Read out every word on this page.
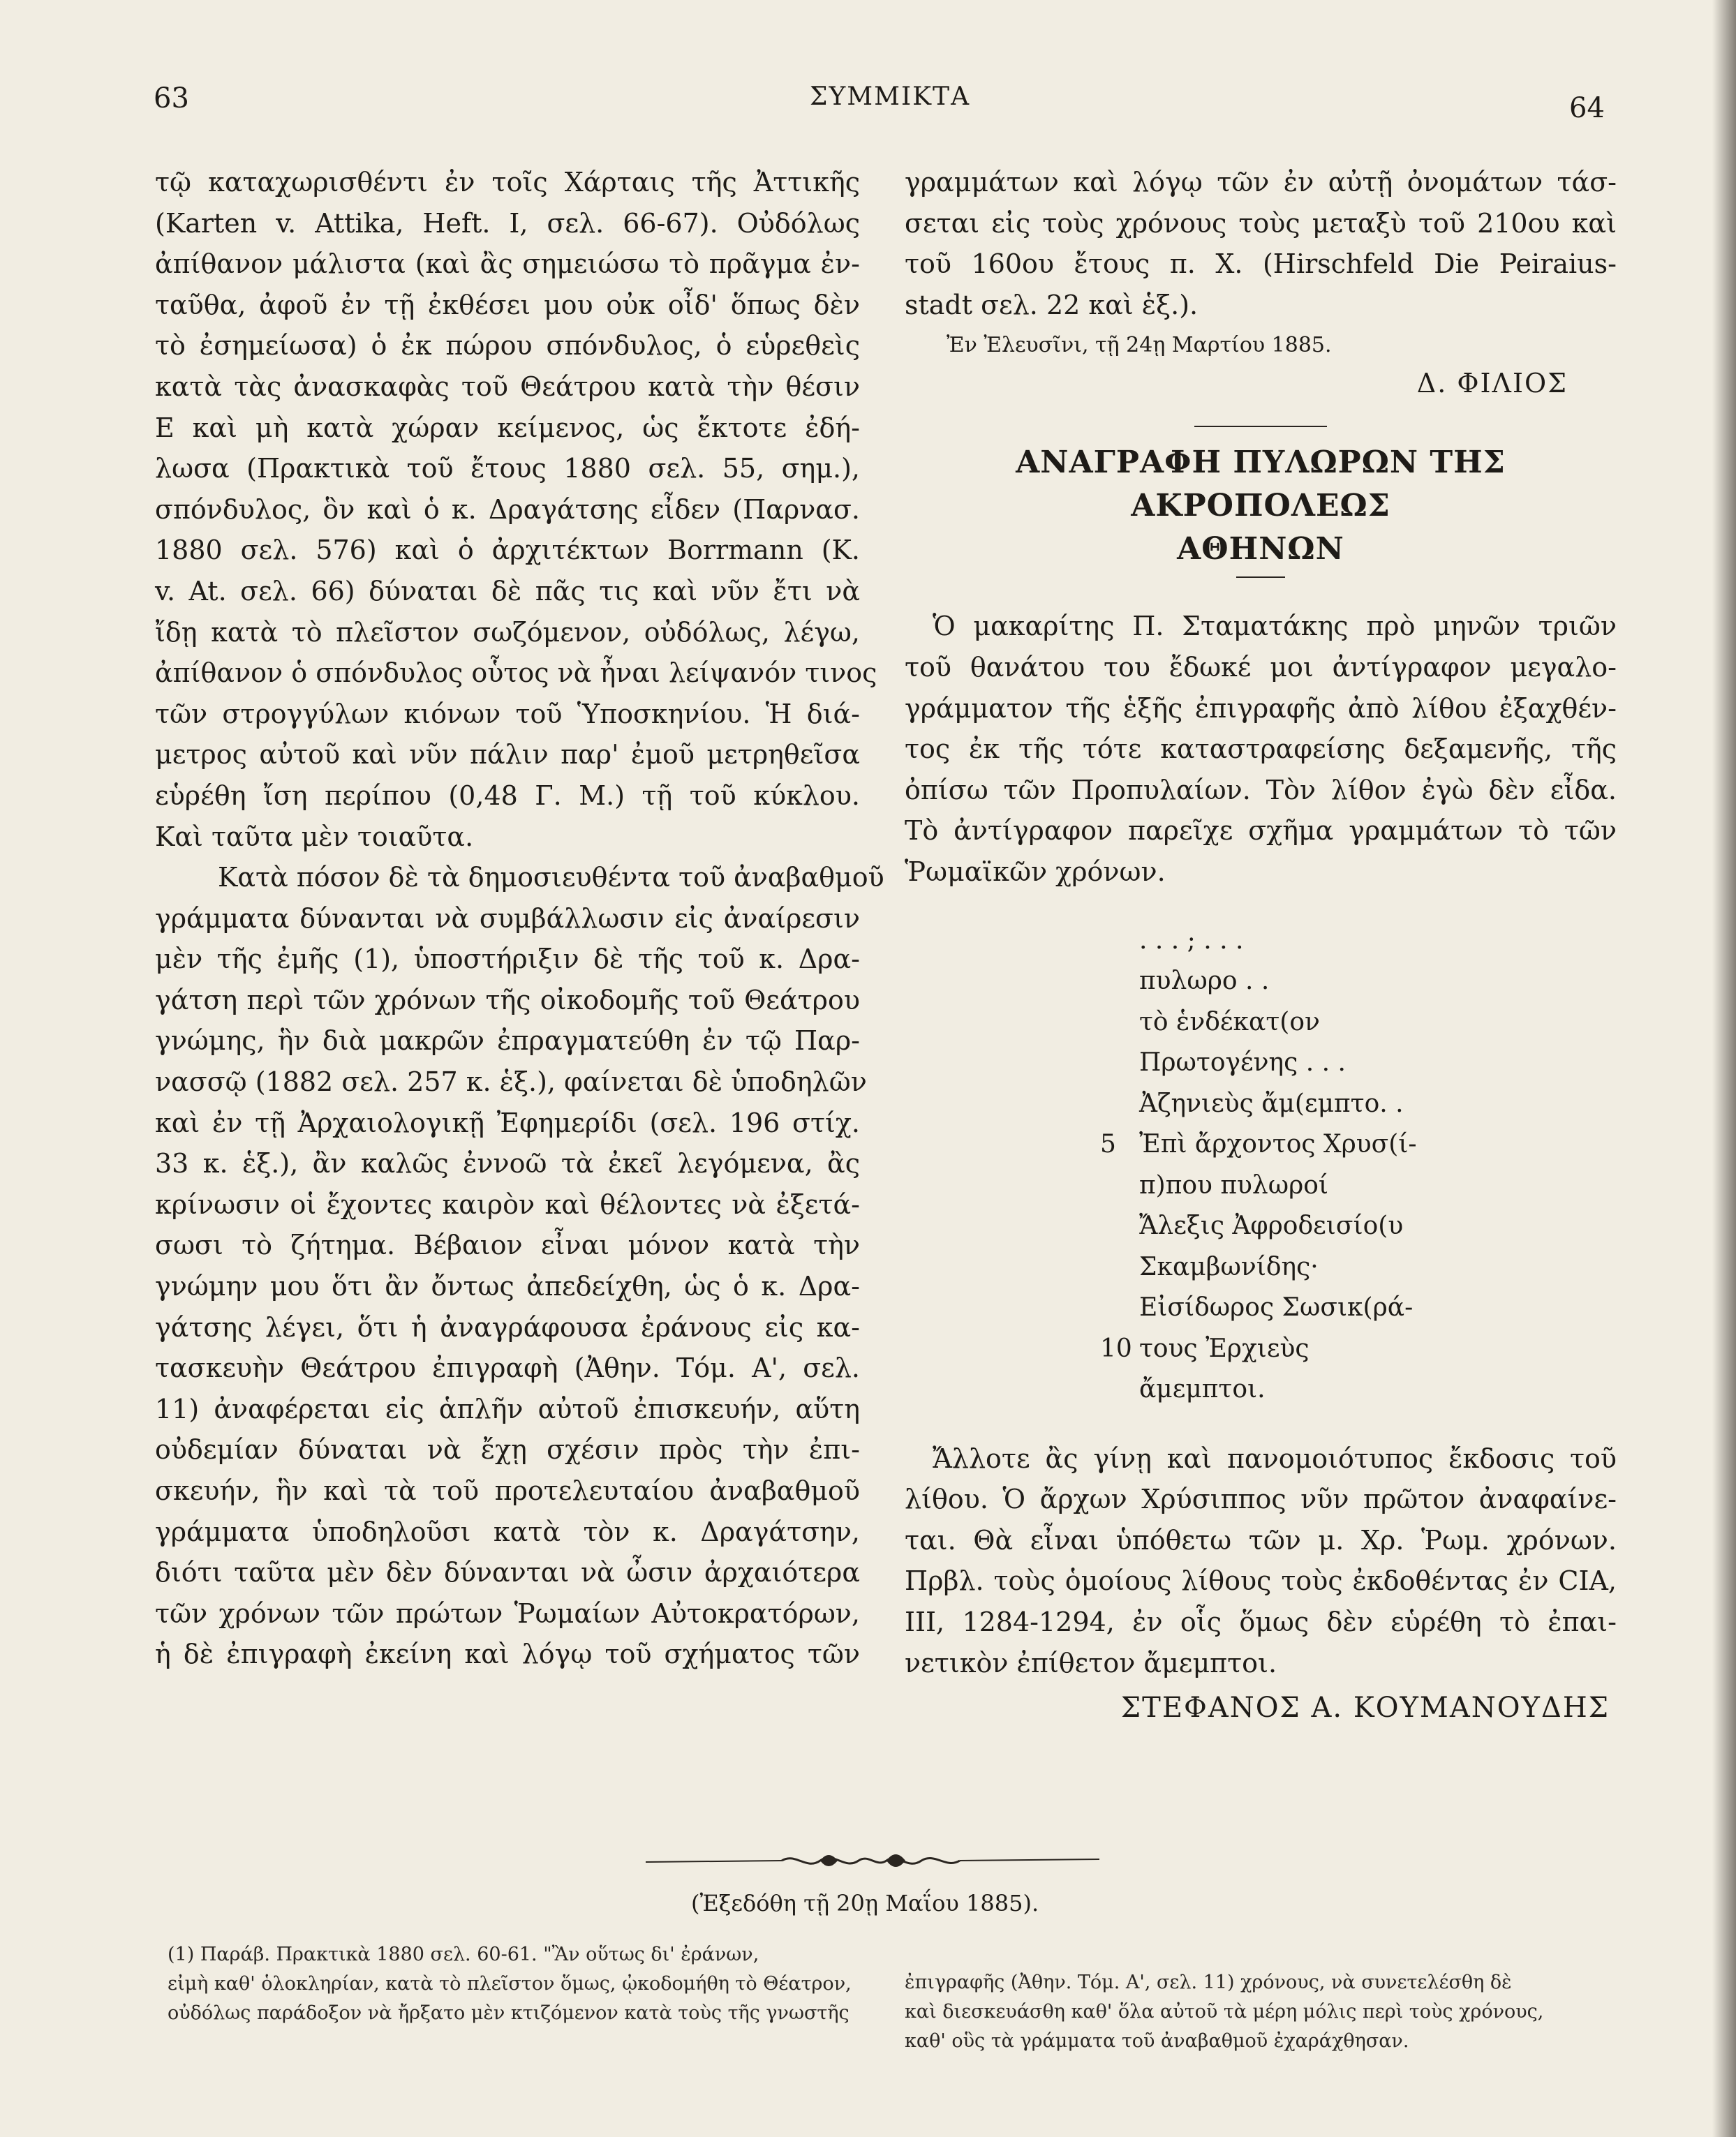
63	ΣΥΜΜΙΚΤΑ	64
τῷ καταχωρισθέντι ἐν τοῖς Χάρταις τῆς Ἀττικῆς
(Karten v. Attika, Heft. I, σελ. 66-67). Οὐδόλως
ἀπίθανον μάλιστα (καὶ ἂς σημειώσω τὸ πρᾶγμα ἐν-
ταῦθα, ἀφοῦ ἐν τῇ ἐκθέσει μου οὐκ οἶδ' ὅπως δὲν
τὸ ἐσημείωσα) ὁ ἐκ πώρου σπόνδυλος, ὁ εὑρεθεὶς
κατὰ τὰς ἀνασκαφὰς τοῦ Θεάτρου κατὰ τὴν θέσιν
Ε καὶ μὴ κατὰ χώραν κείμενος, ὡς ἔκτοτε ἐδή-
λωσα (Πρακτικὰ τοῦ ἔτους 1880 σελ. 55, σημ.),
σπόνδυλος, ὃν καὶ ὁ κ. Δραγάτσης εἶδεν (Παρνασ.
1880 σελ. 576) καὶ ὁ ἀρχιτέκτων Borrmann (K.
v. At. σελ. 66) δύναται δὲ πᾶς τις καὶ νῦν ἔτι νὰ
ἴδῃ κατὰ τὸ πλεῖστον σωζόμενον, οὐδόλως, λέγω,
ἀπίθανον ὁ σπόνδυλος οὗτος νὰ ἦναι λείψανόν τινος
τῶν στρογγύλων κιόνων τοῦ Ὑποσκηνίου. Ἡ διά-
μετρος αὐτοῦ καὶ νῦν πάλιν παρ' ἐμοῦ μετρηθεῖσα
εὑρέθη ἴση περίπου (0,48 Γ. Μ.) τῇ τοῦ κύκλου.
Καὶ ταῦτα μὲν τοιαῦτα.
Κατὰ πόσον δὲ τὰ δημοσιευθέντα τοῦ ἀναβαθμοῦ
γράμματα δύνανται νὰ συμβάλλωσιν εἰς ἀναίρεσιν
μὲν τῆς ἐμῆς (1), ὑποστήριξιν δὲ τῆς τοῦ κ. Δρα-
γάτση περὶ τῶν χρόνων τῆς οἰκοδομῆς τοῦ Θεάτρου
γνώμης, ἣν διὰ μακρῶν ἐπραγματεύθη ἐν τῷ Παρ-
νασσῷ (1882 σελ. 257 κ. ἑξ.), φαίνεται δὲ ὑποδηλῶν
καὶ ἐν τῇ Ἀρχαιολογικῇ Ἐφημερίδι (σελ. 196 στίχ.
33 κ. ἑξ.), ἂν καλῶς ἐννοῶ τὰ ἐκεῖ λεγόμενα, ἂς
κρίνωσιν οἱ ἔχοντες καιρὸν καὶ θέλοντες νὰ ἐξετά-
σωσι τὸ ζήτημα. Βέβαιον εἶναι μόνον κατὰ τὴν
γνώμην μου ὅτι ἂν ὄντως ἀπεδείχθη, ὡς ὁ κ. Δρα-
γάτσης λέγει, ὅτι ἡ ἀναγράφουσα ἐράνους εἰς κα-
τασκευὴν Θεάτρου ἐπιγραφὴ (Ἀθην. Τόμ. Α', σελ.
11) ἀναφέρεται εἰς ἁπλῆν αὐτοῦ ἐπισκευήν, αὕτη
οὐδεμίαν δύναται νὰ ἔχῃ σχέσιν πρὸς τὴν ἐπι-
σκευήν, ἣν καὶ τὰ τοῦ προτελευταίου ἀναβαθμοῦ
γράμματα ὑποδηλοῦσι κατὰ τὸν κ. Δραγάτσην,
διότι ταῦτα μὲν δὲν δύνανται νὰ ὦσιν ἀρχαιότερα
τῶν χρόνων τῶν πρώτων Ῥωμαίων Αὐτοκρατόρων,
ἡ δὲ ἐπιγραφὴ ἐκείνη καὶ λόγῳ τοῦ σχήματος τῶν
γραμμάτων καὶ λόγῳ τῶν ἐν αὐτῇ ὀνομάτων τάσ-
σεται εἰς τοὺς χρόνους τοὺς μεταξὺ τοῦ 210ου καὶ
τοῦ 160ου ἔτους π. Χ. (Hirschfeld Die Peiraius-
stadt σελ. 22 καὶ ἑξ.).
Ἐν Ἐλευσῖνι, τῇ 24ῃ Μαρτίου 1885.
Δ. ΦΙΛΙΟΣ
ΑΝΑΓΡΑΦΗ ΠΥΛΩΡΩΝ ΤΗΣ ΑΚΡΟΠΟΛΕΩΣ
ΑΘΗΝΩΝ
Ὁ μακαρίτης Π. Σταματάκης πρὸ μηνῶν τριῶν
τοῦ θανάτου του ἔδωκέ μοι ἀντίγραφον μεγαλο-
γράμματον τῆς ἑξῆς ἐπιγραφῆς ἀπὸ λίθου ἐξαχθέν-
τος ἐκ τῆς τότε καταστραφείσης δεξαμενῆς, τῆς
ὀπίσω τῶν Προπυλαίων. Τὸν λίθον ἐγὼ δὲν εἶδα.
Τὸ ἀντίγραφον παρεῖχε σχῆμα γραμμάτων τὸ τῶν
Ῥωμαϊκῶν χρόνων.
. . . ; . . .
πυλωρο . .
τὸ ἑνδέκατ(ον
Πρωτογένης . . .
Ἀζηνιεὺς ἄμ(εμπτο. .
5 Ἐπὶ ἄρχοντος Χρυσ(ί-
π)που πυλωροί
Ἄλεξις Ἀφροδεισίο(υ
Σκαμβωνίδης·
Εἰσίδωρος Σωσικ(ρά-
10 τους Ἐρχιεὺς
ἄμεμπτοι.
Ἄλλοτε ἂς γίνῃ καὶ πανομοιότυπος ἔκδοσις τοῦ
λίθου. Ὁ ἄρχων Χρύσιππος νῦν πρῶτον ἀναφαίνε-
ται. Θὰ εἶναι ὑπόθετω τῶν μ. Χρ. Ῥωμ. χρόνων.
Πρβλ. τοὺς ὁμοίους λίθους τοὺς ἐκδοθέντας ἐν CIA,
III, 1284-1294, ἐν οἷς ὅμως δὲν εὑρέθη τὸ ἐπαι-
νετικὸν ἐπίθετον ἄμεμπτοι.
ΣΤΕΦΑΝΟΣ Α. ΚΟΥΜΑΝΟΥΔΗΣ
(Ἐξεδόθη τῇ 20ῃ Μαΐου 1885).
(1) Παράβ. Πρακτικὰ 1880 σελ. 60-61. "Ἂν οὕτως δι' ἐράνων,
εἰμὴ καθ' ὁλοκληρίαν, κατὰ τὸ πλεῖστον ὅμως, ᾠκοδομήθη τὸ Θέατρον,
οὐδόλως παράδοξον νὰ ἤρξατο μὲν κτιζόμενον κατὰ τοὺς τῆς γνωστῆς
ἐπιγραφῆς (Ἀθην. Τόμ. Α', σελ. 11) χρόνους, νὰ συνετελέσθη δὲ
καὶ διεσκευάσθη καθ' ὅλα αὐτοῦ τὰ μέρη μόλις περὶ τοὺς χρόνους,
καθ' οὓς τὰ γράμματα τοῦ ἀναβαθμοῦ ἐχαράχθησαν.
